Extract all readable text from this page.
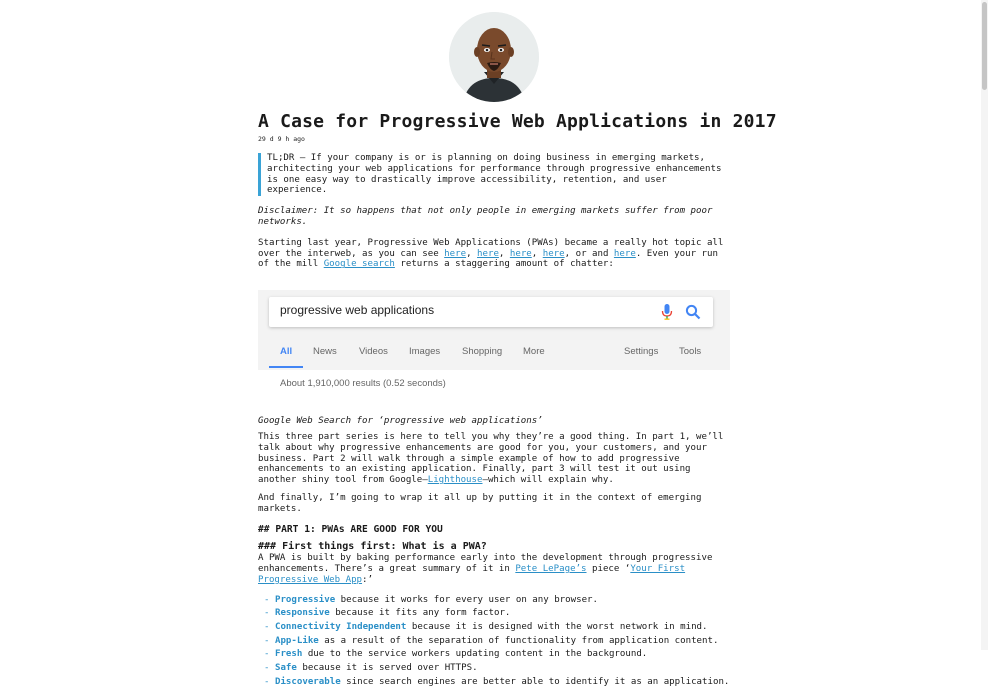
A Case for Progressive Web Applications in 2017
29 d 9 h ago
TL;DR — If your company is or is planning on doing business in emerging markets, architecting your web applications for performance through progressive enhancements is one easy way to drastically improve accessibility, retention, and user experience.

Disclaimer: It so happens that not only people in emerging markets suffer from poor networks.

Starting last year, Progressive Web Applications (PWAs) became a really hot topic all over the interweb, as you can see here, here, here, here, or and here. Even your run of the mill Google search returns a staggering amount of chatter:

progressive web applications
All News Videos Images Shopping More	Settings Tools
About 1,910,000 results (0.52 seconds)

Google Web Search for ‘progressive web applications’

This three part series is here to tell you why they’re a good thing. In part 1, we’ll talk about why progressive enhancements are good for you, your customers, and your business. Part 2 will walk through a simple example of how to add progressive enhancements to an existing application. Finally, part 3 will test it out using another shiny tool from Google—Lighthouse—which will explain why.

And finally, I’m going to wrap it all up by putting it in the context of emerging markets.

## PART 1: PWAs ARE GOOD FOR YOU
### First things first: What is a PWA?

A PWA is built by baking performance early into the development through progressive enhancements. There’s a great summary of it in Pete LePage’s piece ‘Your First Progressive Web App:’

- Progressive because it works for every user on any browser.
- Responsive because it fits any form factor.
- Connectivity Independent because it is designed with the worst network in mind.
- App-Like as a result of the separation of functionality from application content.
- Fresh due to the service workers updating content in the background.
- Safe because it is served over HTTPS.
- Discoverable since search engines are better able to identify it as an application.
